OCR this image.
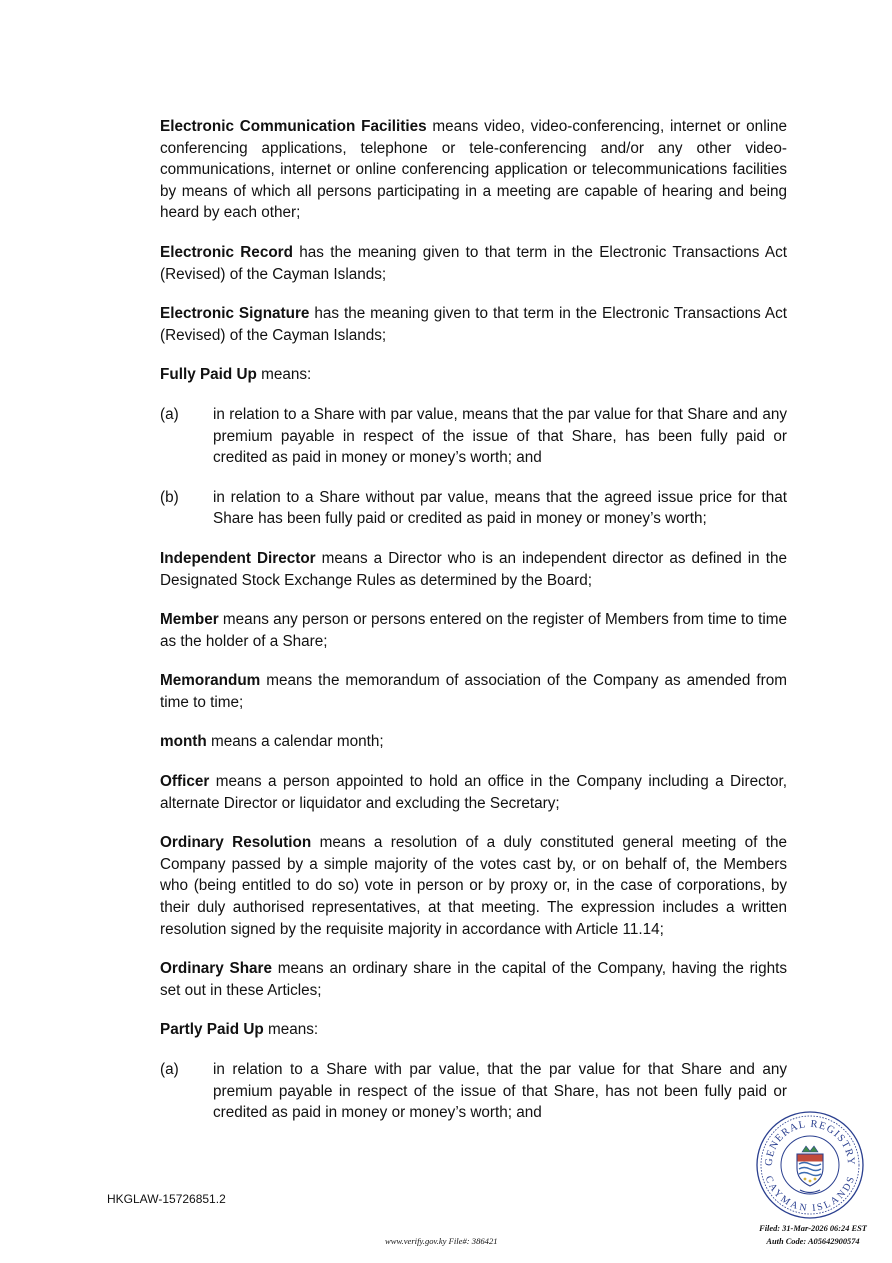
Electronic Communication Facilities means video, video-conferencing, internet or online conferencing applications, telephone or tele-conferencing and/or any other video-communications, internet or online conferencing application or telecommunications facilities by means of which all persons participating in a meeting are capable of hearing and being heard by each other;

Electronic Record has the meaning given to that term in the Electronic Transactions Act (Revised) of the Cayman Islands;

Electronic Signature has the meaning given to that term in the Electronic Transactions Act (Revised) of the Cayman Islands;

Fully Paid Up means:

(a) in relation to a Share with par value, means that the par value for that Share and any premium payable in respect of the issue of that Share, has been fully paid or credited as paid in money or money’s worth; and
(b) in relation to a Share without par value, means that the agreed issue price for that Share has been fully paid or credited as paid in money or money’s worth;

Independent Director means a Director who is an independent director as defined in the Designated Stock Exchange Rules as determined by the Board;

Member means any person or persons entered on the register of Members from time to time as the holder of a Share;

Memorandum means the memorandum of association of the Company as amended from time to time;

month means a calendar month;

Officer means a person appointed to hold an office in the Company including a Director, alternate Director or liquidator and excluding the Secretary;

Ordinary Resolution means a resolution of a duly constituted general meeting of the Company passed by a simple majority of the votes cast by, or on behalf of, the Members who (being entitled to do so) vote in person or by proxy or, in the case of corporations, by their duly authorised representatives, at that meeting. The expression includes a written resolution signed by the requisite majority in accordance with Article 11.14;

Ordinary Share means an ordinary share in the capital of the Company, having the rights set out in these Articles;

Partly Paid Up means:

(a) in relation to a Share with par value, that the par value for that Share and any premium payable in respect of the issue of that Share, has not been fully paid or credited as paid in money or money’s worth; and
HKGLAW-15726851.2
www.verify.gov.ky File#: 386421
GENERAL REGISTRY
CAYMAN ISLANDS
Filed: 31-Mar-2026 06:24 EST
Auth Code: A05642900574
